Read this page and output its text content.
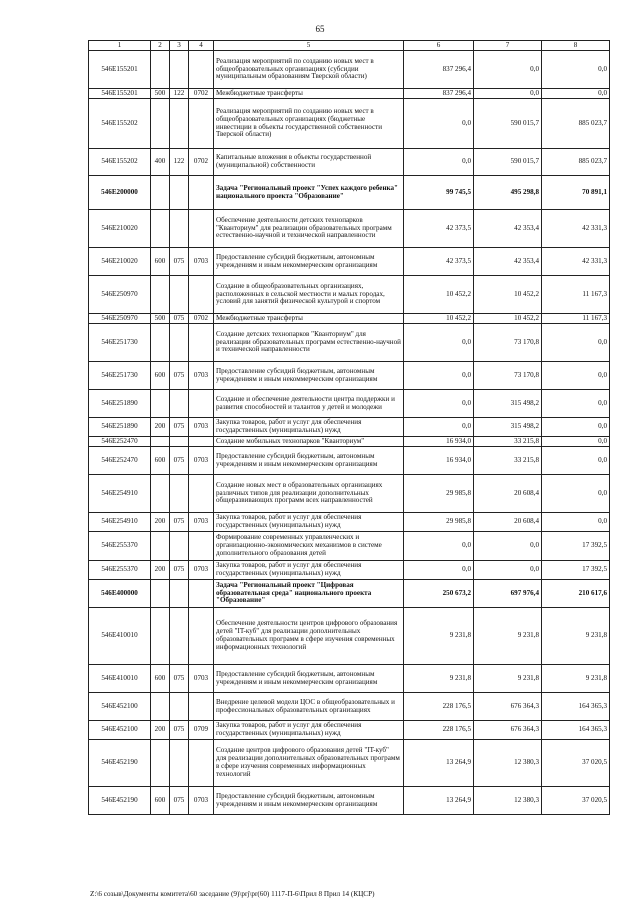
65
1	2	3	4	5	6	7	8
546E155201				Реализация мероприятий по созданию новых мест в общеобразовательных организациях (субсидии муниципальным образованиям Тверской области)	837 296,4	0,0	0,0
546E155201	500	122	0702	Межбюджетные трансферты	837 296,4	0,0	0,0
546E155202				Реализация мероприятий по созданию новых мест в общеобразовательных организациях (бюджетные инвестиции в объекты государственной собственности Тверской области)	0,0	590 015,7	885 023,7
546E155202	400	122	0702	Капитальные вложения в объекты государственной (муниципальной) собственности	0,0	590 015,7	885 023,7
546E200000				Задача "Региональный проект "Успех каждого ребенка" национального проекта "Образование"	99 745,5	495 298,8	70 891,1
546E210020				Обеспечение деятельности детских технопарков "Кванториум" для реализации образовательных программ естественно-научной и технической направленности	42 373,5	42 353,4	42 331,3
546E210020	600	075	0703	Предоставление субсидий бюджетным, автономным учреждениям и иным некоммерческим организациям	42 373,5	42 353,4	42 331,3
546E250970				Создание в общеобразовательных организациях, расположенных в сельской местности и малых городах, условий для занятий физической культурой и спортом	10 452,2	10 452,2	11 167,3
546E250970	500	075	0702	Межбюджетные трансферты	10 452,2	10 452,2	11 167,3
546E251730				Создание детских технопарков "Кванториум" для реализации образовательных программ естественно-научной и технической направленности	0,0	73 170,8	0,0
546E251730	600	075	0703	Предоставление субсидий бюджетным, автономным учреждениям и иным некоммерческим организациям	0,0	73 170,8	0,0
546E251890				Создание и обеспечение деятельности центра поддержки и развития способностей и талантов у детей и молодежи	0,0	315 498,2	0,0
546E251890	200	075	0703	Закупка товаров, работ и услуг для обеспечения государственных (муниципальных) нужд	0,0	315 498,2	0,0
546E252470				Создание мобильных технопарков "Кванториум"	16 934,0	33 215,8	0,0
546E252470	600	075	0703	Предоставление субсидий бюджетным, автономным учреждениям и иным некоммерческим организациям	16 934,0	33 215,8	0,0
546E254910				Создание новых мест в образовательных организациях различных типов для реализации дополнительных общеразвивающих программ всех направленностей	29 985,8	20 608,4	0,0
546E254910	200	075	0703	Закупка товаров, работ и услуг для обеспечения государственных (муниципальных) нужд	29 985,8	20 608,4	0,0
546E255370				Формирование современных управленческих и организационно-экономических механизмов в системе дополнительного образования детей	0,0	0,0	17 392,5
546E255370	200	075	0703	Закупка товаров, работ и услуг для обеспечения государственных (муниципальных) нужд	0,0	0,0	17 392,5
546E400000				Задача "Региональный проект "Цифровая образовательная среда" национального проекта "Образование"	250 673,2	697 976,4	210 617,6
546E410010				Обеспечение деятельности центров цифрового образования детей "IT-куб" для реализации дополнительных образовательных программ в сфере изучения современных информационных технологий	9 231,8	9 231,8	9 231,8
546E410010	600	075	0703	Предоставление субсидий бюджетным, автономным учреждениям и иным некоммерческим организациям	9 231,8	9 231,8	9 231,8
546E452100				Внедрение целевой модели ЦОС в общеобразовательных и профессиональных образовательных организациях	228 176,5	676 364,3	164 365,3
546E452100	200	075	0709	Закупка товаров, работ и услуг для обеспечения государственных (муниципальных) нужд	228 176,5	676 364,3	164 365,3
546E452190				Создание центров цифрового образования детей "IT-куб" для реализации дополнительных образовательных программ в сфере изучения современных информационных технологий	13 264,9	12 380,3	37 020,5
546E452190	600	075	0703	Предоставление субсидий бюджетным, автономным учреждениям и иным некоммерческим организациям	13 264,9	12 380,3	37 020,5
Z:\6 созыв\Документы комитета\60 заседание (9)\prj\pr(60) 1117-П-6\Прил 8 Прил 14 (КЦСР)
